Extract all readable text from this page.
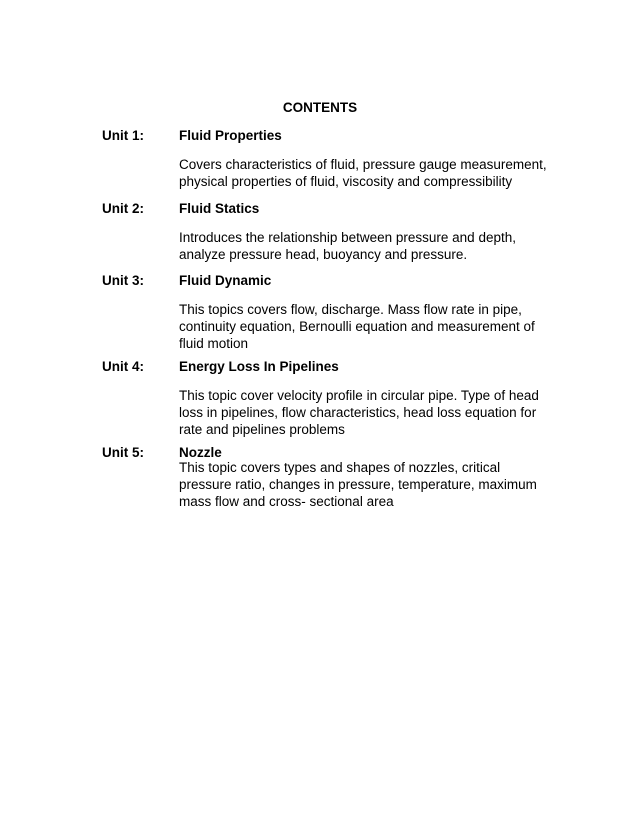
CONTENTS
Unit 1:	Fluid Properties

Covers characteristics of fluid, pressure gauge measurement, physical properties of fluid, viscosity and compressibility

Unit 2:	Fluid Statics

Introduces the relationship between pressure and depth, analyze pressure head, buoyancy and pressure.

Unit 3:	Fluid Dynamic

This topics covers flow, discharge. Mass flow rate in pipe, continuity equation, Bernoulli equation and measurement of fluid motion

Unit 4:	Energy Loss In Pipelines

This topic cover velocity profile in circular pipe. Type of head loss in pipelines, flow characteristics, head loss equation for rate and pipelines problems

Unit 5:	Nozzle

This topic covers types and shapes of nozzles, critical pressure ratio, changes in pressure, temperature, maximum mass flow and cross- sectional area
